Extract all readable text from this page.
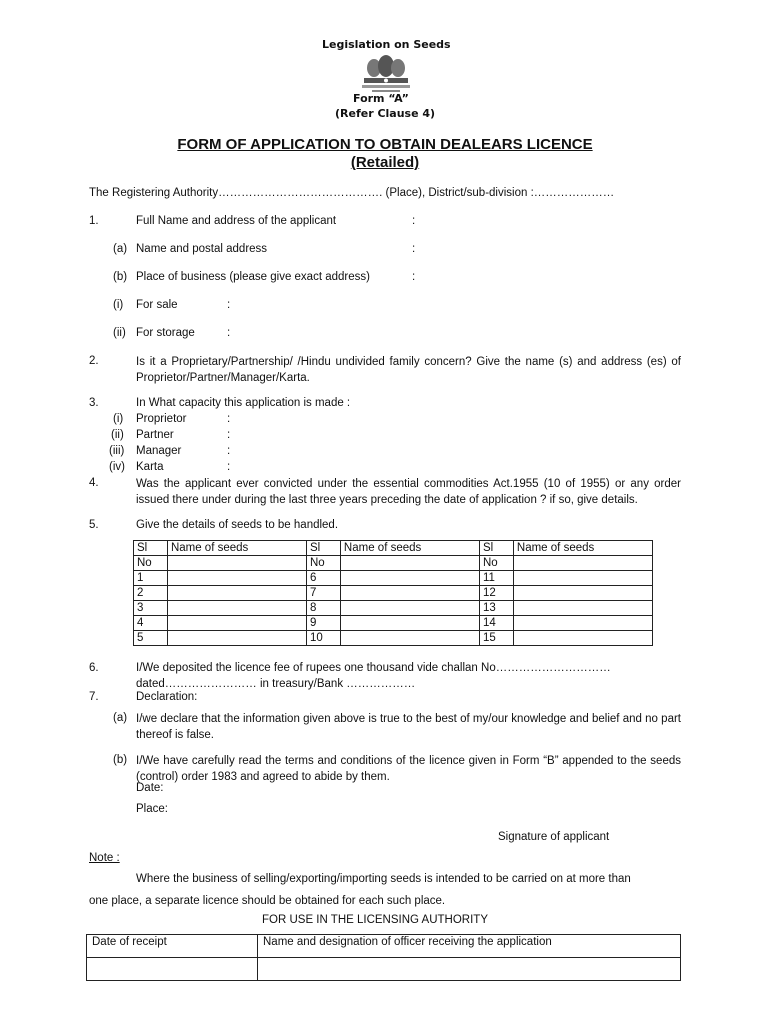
Legislation on Seeds
Form “A”
(Refer Clause 4)
FORM OF APPLICATION TO OBTAIN DEALEARS LICENCE
(Retailed)
The Registering Authority……………………………………. (Place), District/sub-division :…………………
1.	Full Name and address of the applicant	:
(a) Name and postal address	:
(b) Place of business (please give exact address)	:
(i) For sale	:
(ii) For storage	:
2.	Is it a Proprietary/Partnership/ /Hindu undivided family concern? Give the name (s) and address (es) of Proprietor/Partner/Manager/Karta.
3.	In What capacity this application is made :
(i) Proprietor	:
(ii) Partner	:
(iii) Manager	:
(iv) Karta	:
4.	Was the applicant ever convicted under the essential commodities Act.1955 (10 of 1955) or any order issued there under during the last three years preceding the date of application ? if so, give details.
5.	Give the details of seeds to be handled.
Sl	Name of seeds	Sl	Name of seeds	Sl	Name of seeds
No		No		No	
1		6		11	
2		7		12	
3		8		13	
4		9		14	
5		10		15	
6.	I/We deposited the licence fee of rupees one thousand vide challan No…………………………
dated…………………… in treasury/Bank ………………
7.	Declaration:
(a) I/we declare that the information given above is true to the best of my/our knowledge and belief and no part thereof is false.
(b) I/We have carefully read the terms and conditions of the licence given in Form “B” appended to the seeds (control) order 1983 and agreed to abide by them.
Date:
Place:
Signature of applicant
Note :
Where the business of selling/exporting/importing seeds is intended to be carried on at more than
one place, a separate licence should be obtained for each such place.
FOR USE IN THE LICENSING AUTHORITY
Date of receipt	Name and designation of officer receiving the application
